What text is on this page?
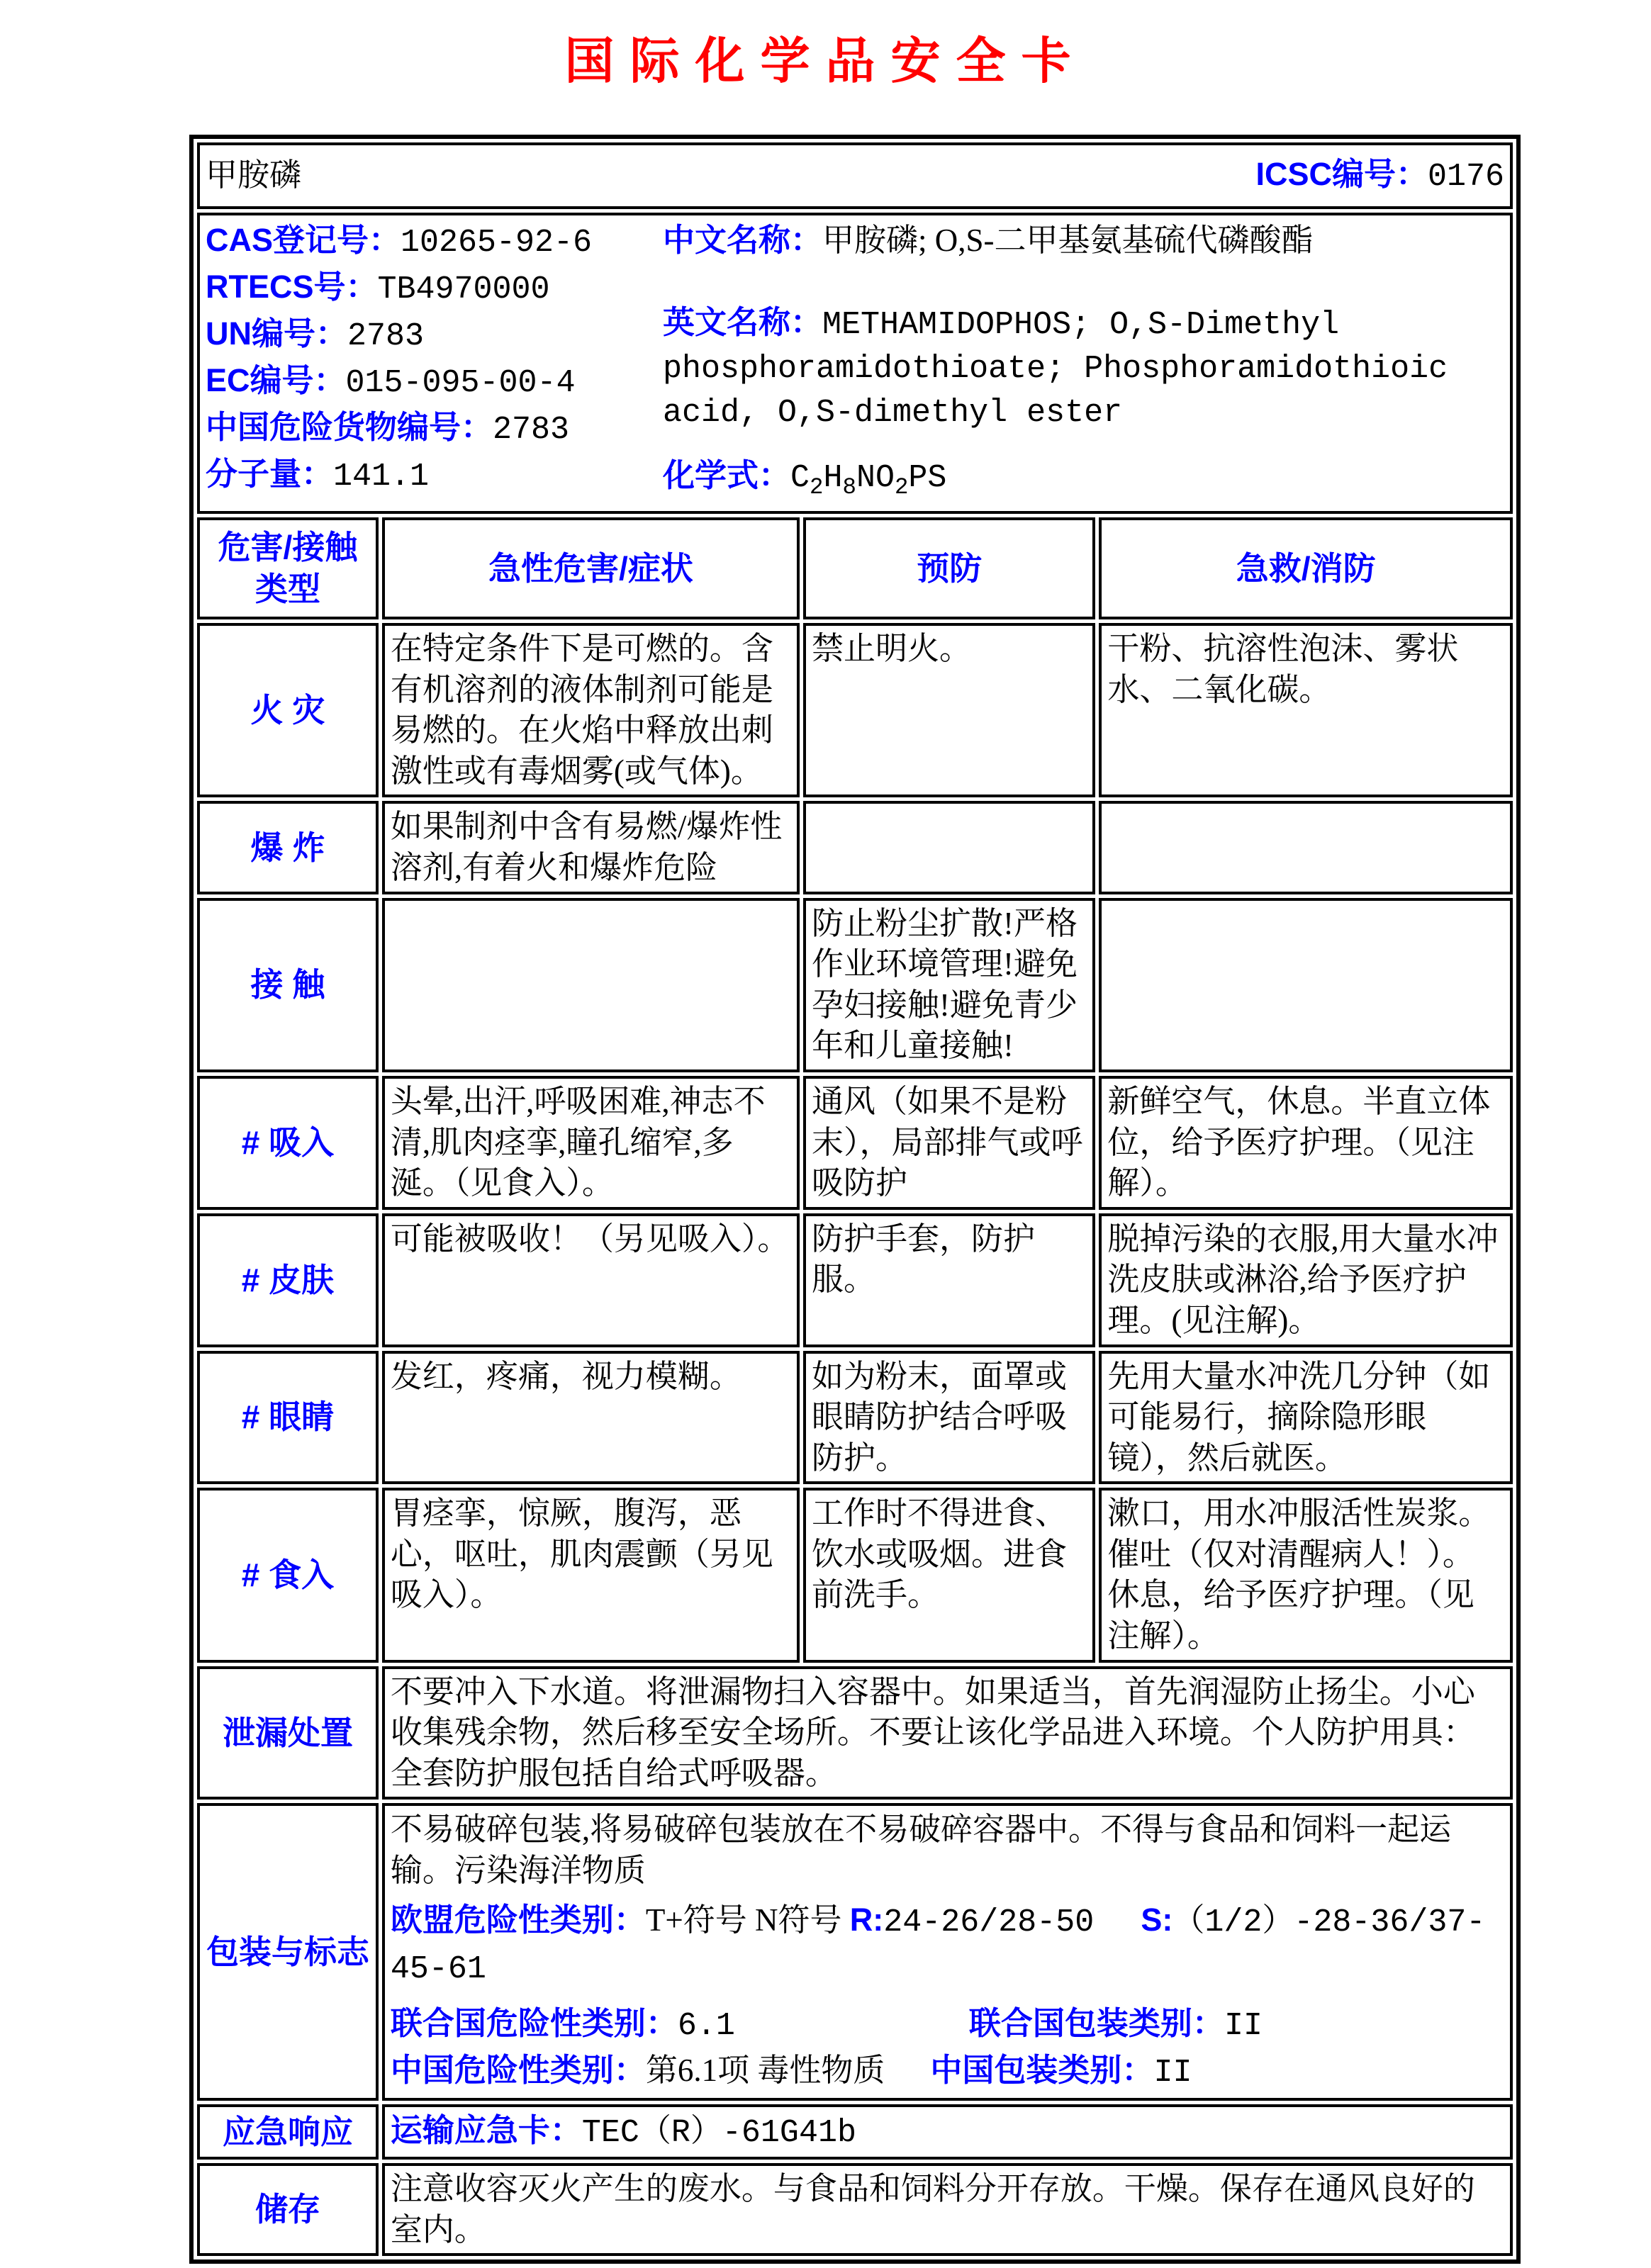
国际化学品安全卡
甲胺磷 ICSC编号：0176			

CAS登记号：10265-92-6
RTECS号：TB4970000
UN编号：2783
EC编号：015-095-00-4
中国危险货物编号：2783
分子量：141.1
中文名称：甲胺磷; O,S-二甲基氨基硫代磷酸酯
英文名称：METHAMIDOPHOS; O,S-Dimethyl phosphoramidothioate; Phosphoramidothioic acid, O,S-dimethyl ester
化学式：$C_2H_8NO_2PS$

危害/接触类型	急性危害/症状	预防	急救/消防
火 灾	在特定条件下是可燃的。含有机溶剂的液体制剂可能是易燃的。在火焰中释放出刺激性或有毒烟雾(或气体)。	禁止明火。	干粉、抗溶性泡沫、雾状水、二氧化碳。
爆 炸	如果制剂中含有易燃/爆炸性溶剂,有着火和爆炸危险		
接 触		防止粉尘扩散!严格作业环境管理!避免孕妇接触!避免青少年和儿童接触!	
# 吸入	头晕,出汗,呼吸困难,神志不清,肌肉痉挛,瞳孔缩窄,多涎。（见食入）。	通风（如果不是粉末），局部排气或呼吸防护	新鲜空气，休息。半直立体位，给予医疗护理。（见注解）。
# 皮肤	可能被吸收！（另见吸入）。	防护手套，防护服。	脱掉污染的衣服,用大量水冲洗皮肤或淋浴,给予医疗护理。(见注解)。
# 眼睛	发红，疼痛，视力模糊。	如为粉末，面罩或眼睛防护结合呼吸防护。	先用大量水冲洗几分钟（如可能易行，摘除隐形眼镜），然后就医。
# 食入	胃痉挛，惊厥，腹泻，恶心，呕吐，肌肉震颤（另见吸入）。	工作时不得进食、饮水或吸烟。进食前洗手。	漱口，用水冲服活性炭浆。催吐（仅对清醒病人！）。休息，给予医疗护理。（见注解）。
泄漏处置	不要冲入下水道。将泄漏物扫入容器中。如果适当，首先润湿防止扬尘。小心收集残余物，然后移至安全场所。不要让该化学品进入环境。个人防护用具：全套防护服包括自给式呼吸器。		
包装与标志	不易破碎包装,将易破碎包装放在不易破碎容器中。不得与食品和饲料一起运输。污染海洋物质
欧盟危险性类别：T+符号 N符号 R:24-26/28-50 S:（1/2）-28-36/37-45-61
联合国危险性类别：6.1 联合国包装类别：II
中国危险性类别：第6.1项 毒性物质 中国包装类别：II		

应急响应	运输应急卡：TEC（R）-61G41b		
储存	注意收容灭火产生的废水。与食品和饲料分开存放。干燥。保存在通风良好的室内。		
